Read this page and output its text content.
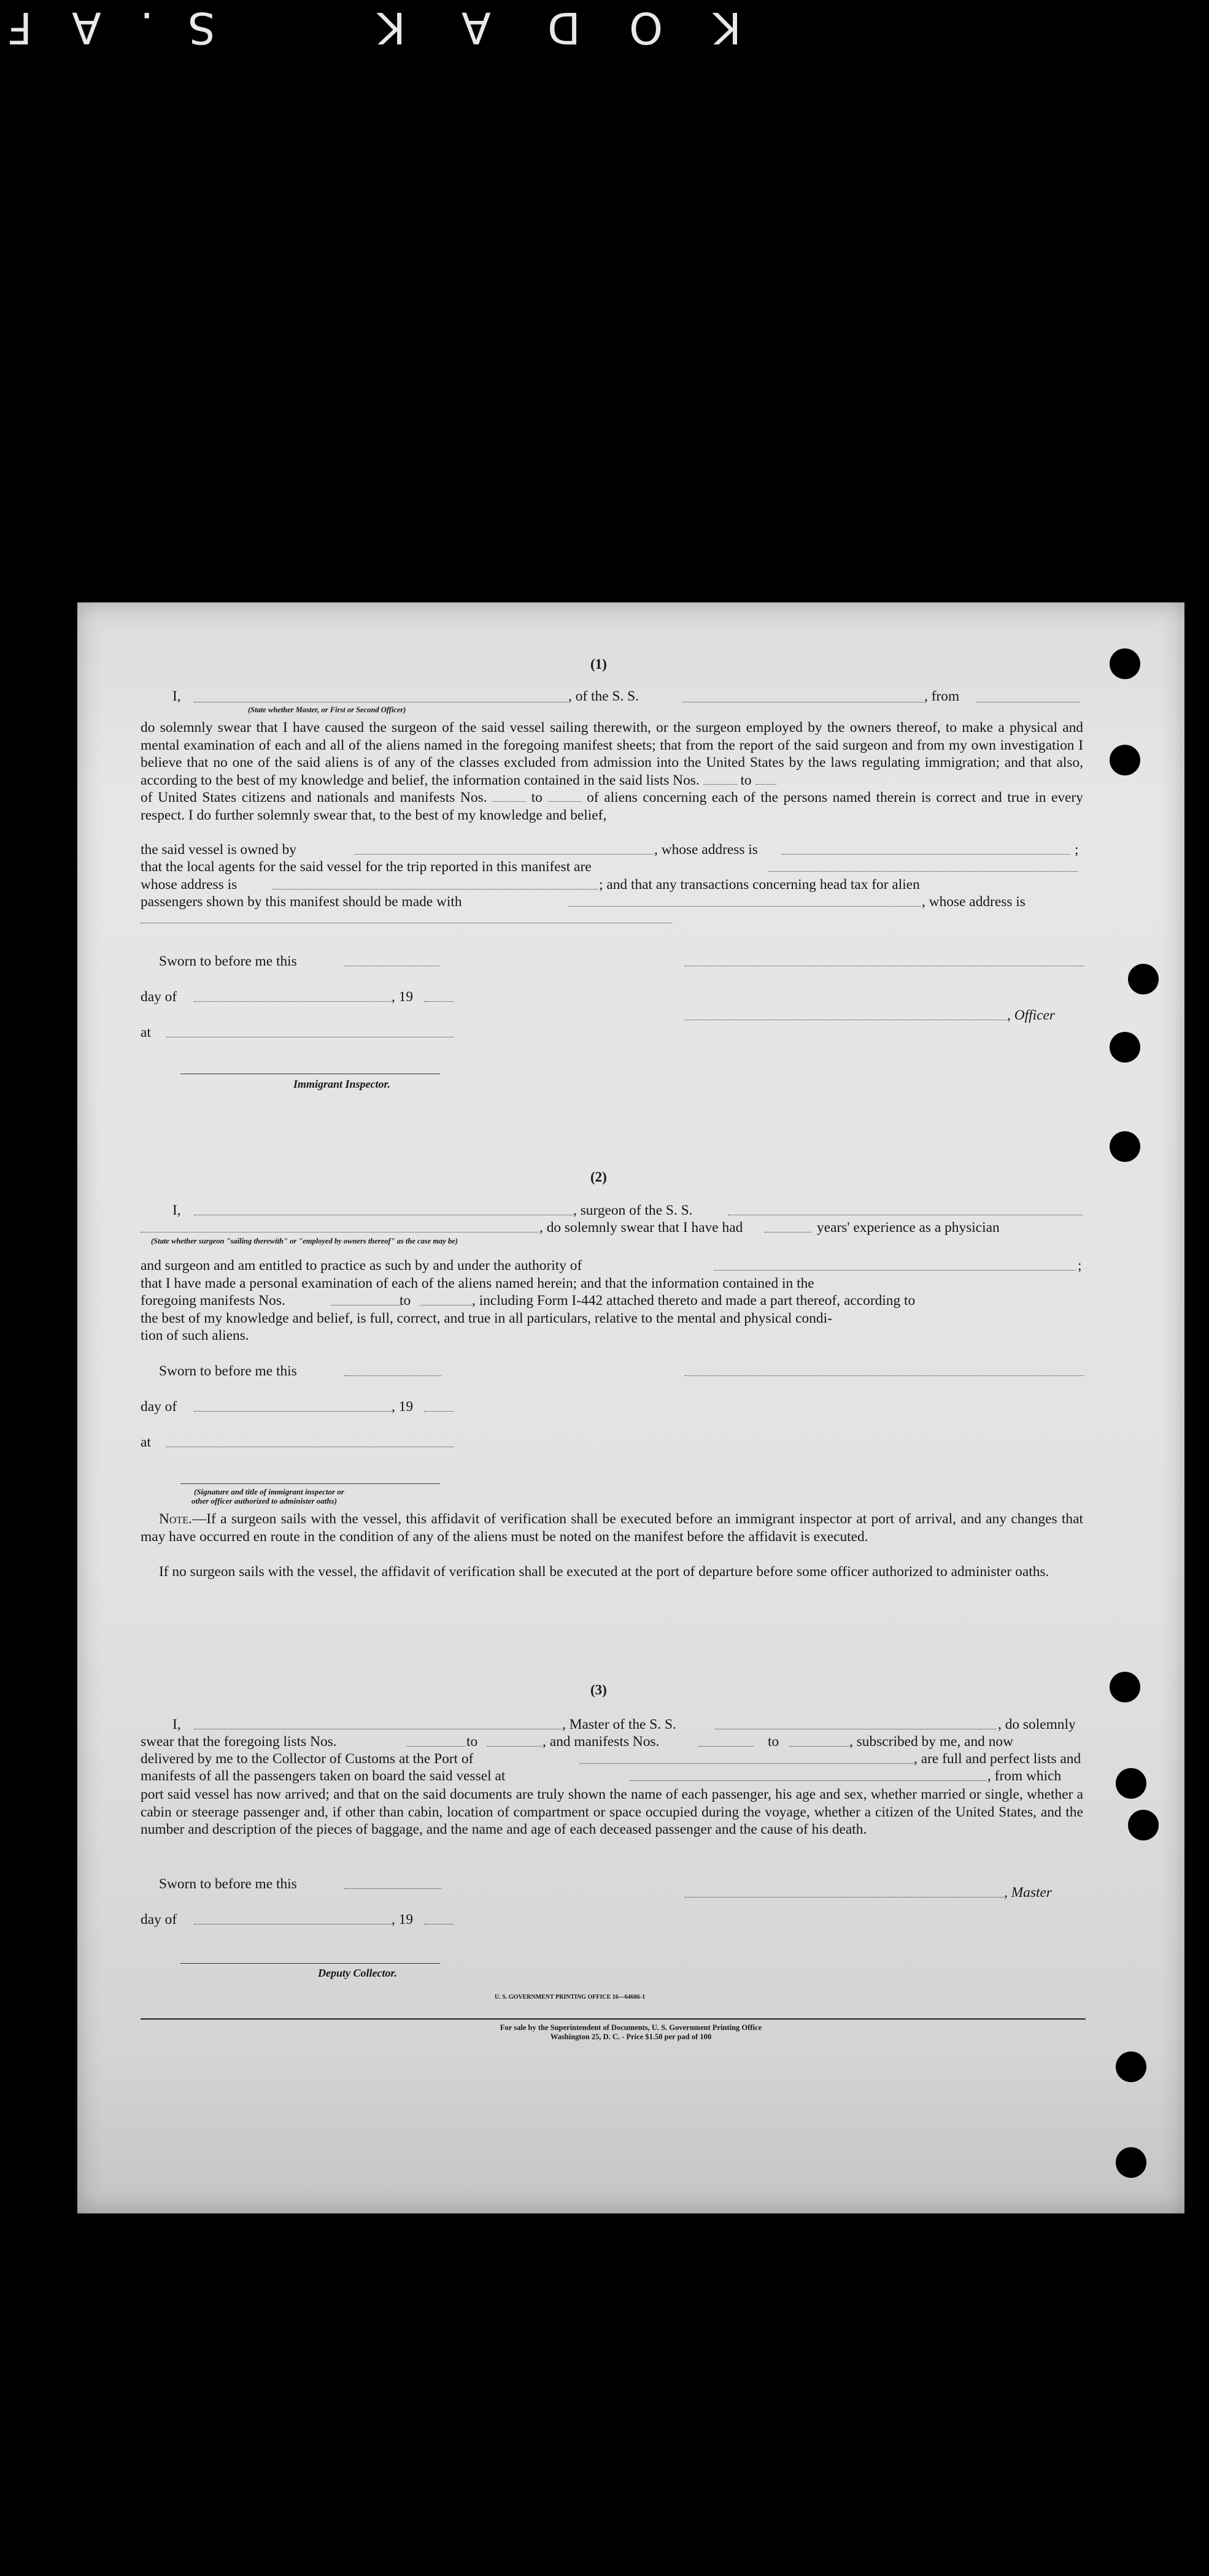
K
O
D
A
K
S
.
A
F
(1)
I,	, of the S. S.	, from
(State whether Master, or First or Second Officer)
do solemnly swear that I have caused the surgeon of the said vessel sailing therewith, or the surgeon employed by the owners thereof, to make a physical and mental examination of each and all of the aliens named in the foregoing manifest sheets; that from the report of the said surgeon and from my own investigation I believe that no one of the said aliens is of any of the classes excluded from admission into the United States by the laws regulating immigration; and that also, according to the best of my knowledge and belief, the information contained in the said lists Nos.	to
of United States citizens and nationals and manifests Nos.	to	of aliens concerning each of the persons named therein is correct and true in every respect. I do further solemnly swear that, to the best of my knowledge and belief,
the said vessel is owned by	, whose address is	;
that the local agents for the said vessel for the trip reported in this manifest are
whose address is	; and that any transactions concerning head tax for alien
passengers shown by this manifest should be made with	, whose address is
Sworn to before me this
day of	, 19
, Officer
at
Immigrant Inspector.
(2)
I,	, surgeon of the S. S.
, do solemnly swear that I have had	years' experience as a physician
(State whether surgeon "sailing therewith" or "employed by owners thereof" as the case may be)
and surgeon and am entitled to practice as such by and under the authority of	;
that I have made a personal examination of each of the aliens named herein; and that the information contained in the
foregoing manifests Nos.	to	, including Form I-442 attached thereto and made a part thereof, according to
the best of my knowledge and belief, is full, correct, and true in all particulars, relative to the mental and physical condi-
tion of such aliens.
Sworn to before me this
day of	, 19
at
(Signature and title of immigrant inspector or
other officer authorized to administer oaths)
Note.—If a surgeon sails with the vessel, this affidavit of verification shall be executed before an immigrant inspector at port of arrival, and any changes that may have occurred en route in the condition of any of the aliens must be noted on the manifest before the affidavit is executed.
If no surgeon sails with the vessel, the affidavit of verification shall be executed at the port of departure before some officer authorized to administer oaths.
(3)
I,	, Master of the S. S.	, do solemnly
swear that the foregoing lists Nos.	to	, and manifests Nos.	to	, subscribed by me, and now
delivered by me to the Collector of Customs at the Port of	, are full and perfect lists and
manifests of all the passengers taken on board the said vessel at	, from which
port said vessel has now arrived; and that on the said documents are truly shown the name of each passenger, his age and sex, whether married or single, whether a cabin or steerage passenger and, if other than cabin, location of compartment or space occupied during the voyage, whether a citizen of the United States, and the number and description of the pieces of baggage, and the name and age of each deceased passenger and the cause of his death.
Sworn to before me this
, Master
day of	, 19
Deputy Collector.
U. S. GOVERNMENT PRINTING OFFICE 16—64686-1
For sale by the Superintendent of Documents, U. S. Government Printing Office
Washington 25, D. C. - Price $1.50 per pad of 100
